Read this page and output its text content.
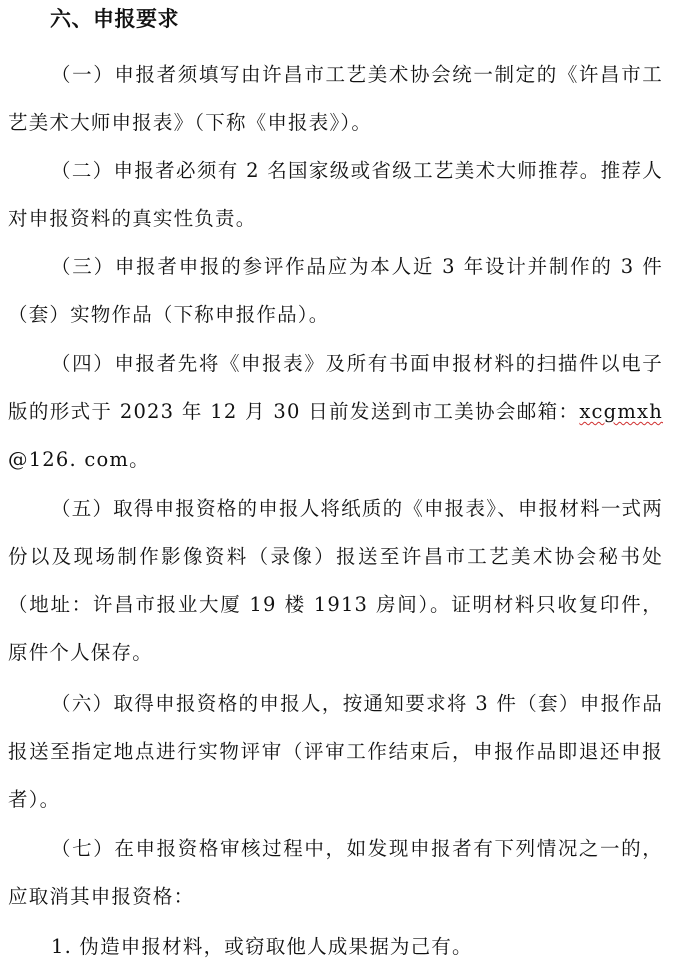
六、申报要求

（一）申报者须填写由许昌市工艺美术协会统一制定的《许昌市工艺美术大师申报表》（下称《申报表》）。

（二）申报者必须有 2 名国家级或省级工艺美术大师推荐。推荐人对申报资料的真实性负责。

（三）申报者申报的参评作品应为本人近 3 年设计并制作的 3 件（套）实物作品（下称申报作品）。

（四）申报者先将《申报表》及所有书面申报材料的扫描件以电子版的形式于 2023 年 12 月 30 日前发送到市工美协会邮箱：xcgmxh@126. com。

（五）取得申报资格的申报人将纸质的《申报表》、申报材料一式两份以及现场制作影像资料（录像）报送至许昌市工艺美术协会秘书处（地址：许昌市报业大厦 19 楼 1913 房间）。证明材料只收复印件，原件个人保存。

（六）取得申报资格的申报人，按通知要求将 3 件（套）申报作品报送至指定地点进行实物评审（评审工作结束后，申报作品即退还申报者）。

（七）在申报资格审核过程中，如发现申报者有下列情况之一的，应取消其申报资格：

1. 伪造申报材料，或窃取他人成果据为己有。
